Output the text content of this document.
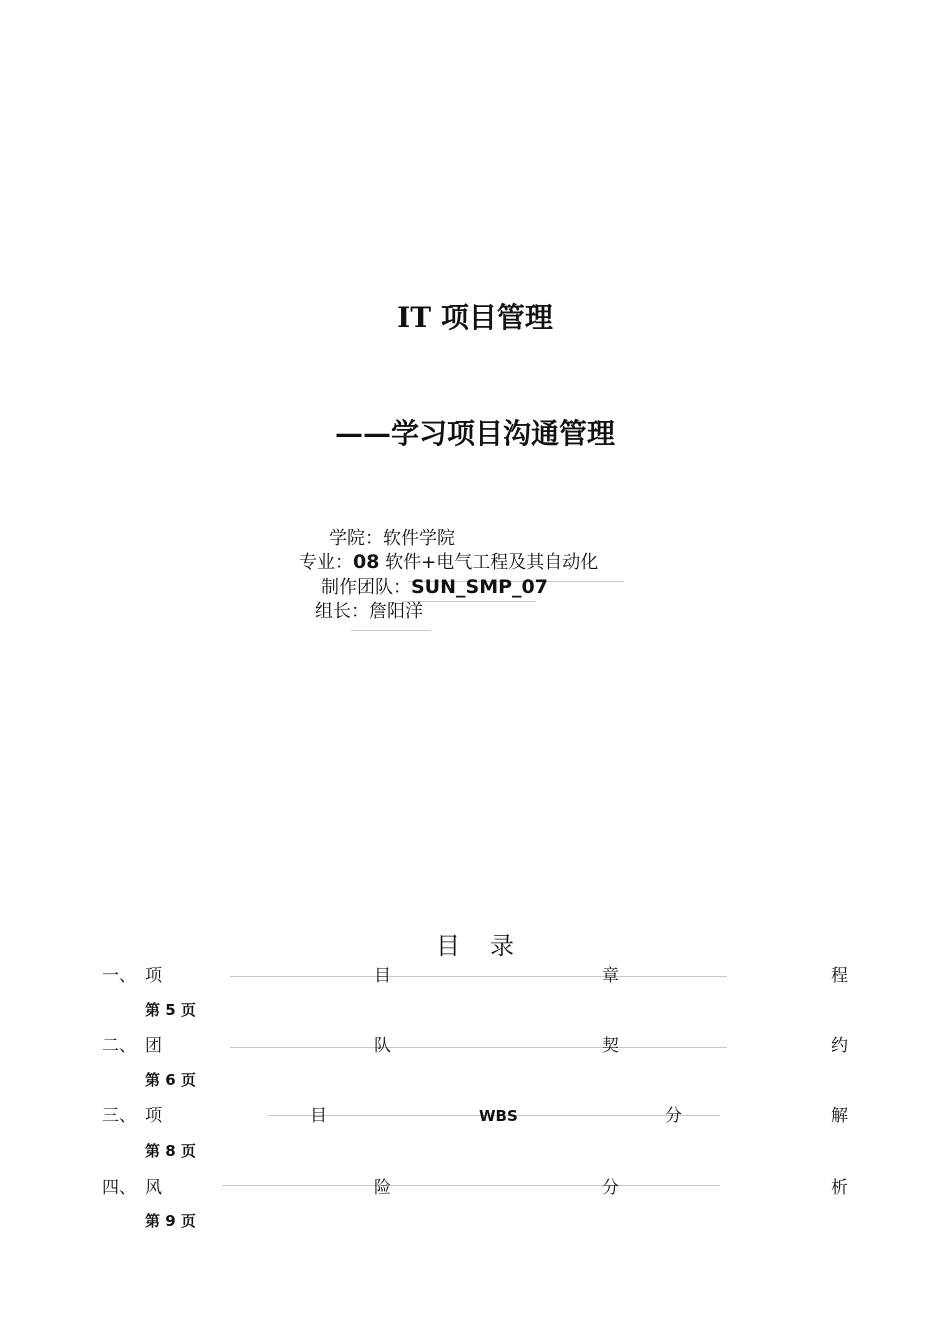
IT 项目管理
——学习项目沟通管理
学院：软件学院
专业：08 软件+电气工程及其自动化
制作团队：SUN_SMP_07
组长：詹阳洋
目录
一、 项	目	章	程
第 5 页
二、 团	队	契	约
第 6 页
三、 项	目	WBS	分	解
第 8 页
四、 风	险	分	析
第 9 页
